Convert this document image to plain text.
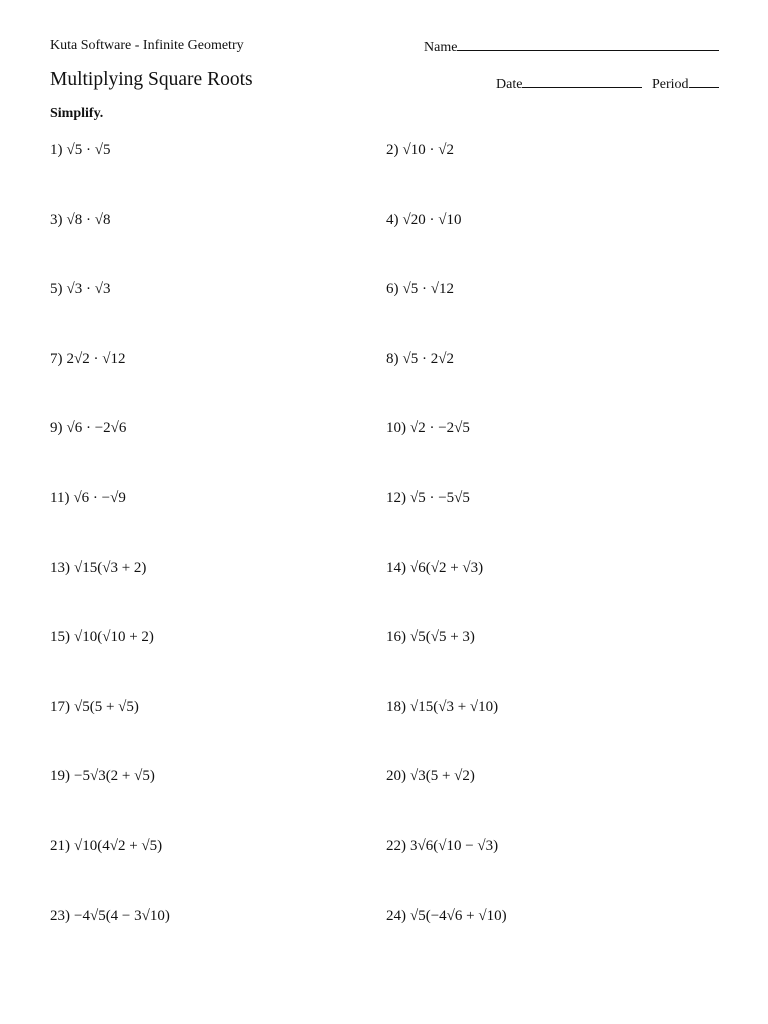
Kuta Software - Infinite Geometry	Name
Multiplying Square Roots	Date	Period
Simplify.
1) √5 · √5	2) √10 · √2
3) √8 · √8	4) √20 · √10
5) √3 · √3	6) √5 · √12
7) 2√2 · √12	8) √5 · 2√2
9) √6 · −2√6	10) √2 · −2√5
11) √6 · −√9	12) √5 · −5√5
13) √15(√3 + 2)	14) √6(√2 + √3)
15) √10(√10 + 2)	16) √5(√5 + 3)
17) √5(5 + √5)	18) √15(√3 + √10)
19) −5√3(2 + √5)	20) √3(5 + √2)
21) √10(4√2 + √5)	22) 3√6(√10 − √3)
23) −4√5(4 − 3√10)	24) √5(−4√6 + √10)
